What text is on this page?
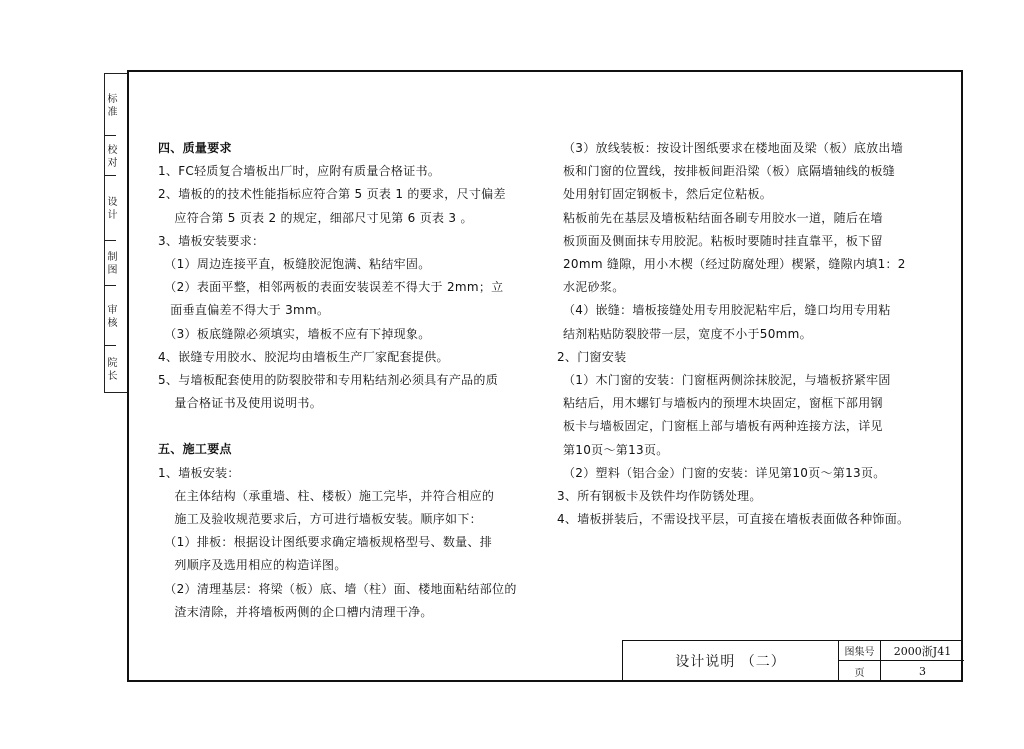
标 准
校 对
设 计
制 图
审 核
院 长

四、质量要求

1、FC轻质复合墙板出厂时，应附有质量合格证书。

2、墙板的的技术性能指标应符合第 5 页表 1 的要求，尺寸偏差

　 应符合第 5 页表 2 的规定，细部尺寸见第 6 页表 3 。

3、墙板安装要求：

　（1）周边连接平直，板缝胶泥饱满、粘结牢固。

　（2）表面平整，相邻两板的表面安装误差不得大于 2mm；立

　面垂直偏差不得大于 3mm。

　（3）板底缝隙必须填实，墙板不应有下掉现象。

4、嵌缝专用胶水、胶泥均由墙板生产厂家配套提供。

5、与墙板配套使用的防裂胶带和专用粘结剂必须具有产品的质

　 量合格证书及使用说明书。

五、施工要点

1、墙板安装：

　 在主体结构（承重墙、柱、楼板）施工完毕，并符合相应的

　 施工及验收规范要求后，方可进行墙板安装。顺序如下：

　（1）排板：根据设计图纸要求确定墙板规格型号、数量、排

　 列顺序及选用相应的构造详图。

　（2）清理基层：将梁（板）底、墙（柱）面、楼地面粘结部位的

　 渣末清除，并将墙板两侧的企口槽内清理干净。

（3）放线装板：按设计图纸要求在楼地面及梁（板）底放出墙

板和门窗的位置线，按排板间距沿梁（板）底隔墙轴线的板缝

处用射钉固定钢板卡，然后定位粘板。

粘板前先在基层及墙板粘结面各刷专用胶水一道，随后在墙

板顶面及侧面抹专用胶泥。粘板时要随时挂直靠平，板下留

20mm 缝隙，用小木楔（经过防腐处理）楔紧，缝隙内填1：2

水泥砂浆。

（4）嵌缝：墙板接缝处用专用胶泥粘牢后，缝口均用专用粘

结剂粘贴防裂胶带一层，宽度不小于50mm。

2、门窗安装

（1）木门窗的安装：门窗框两侧涂抹胶泥，与墙板挤紧牢固

粘结后，用木螺钉与墙板内的预埋木块固定，窗框下部用钢

板卡与墙板固定，门窗框上部与墙板有两种连接方法，详见

第10页～第13页。

（2）塑料（铝合金）门窗的安装：详见第10页～第13页。

3、所有钢板卡及铁件均作防锈处理。

4、墙板拼装后，不需设找平层，可直接在墙板表面做各种饰面。

设计说明 （二）
图集号	2000浙J41
页	3
